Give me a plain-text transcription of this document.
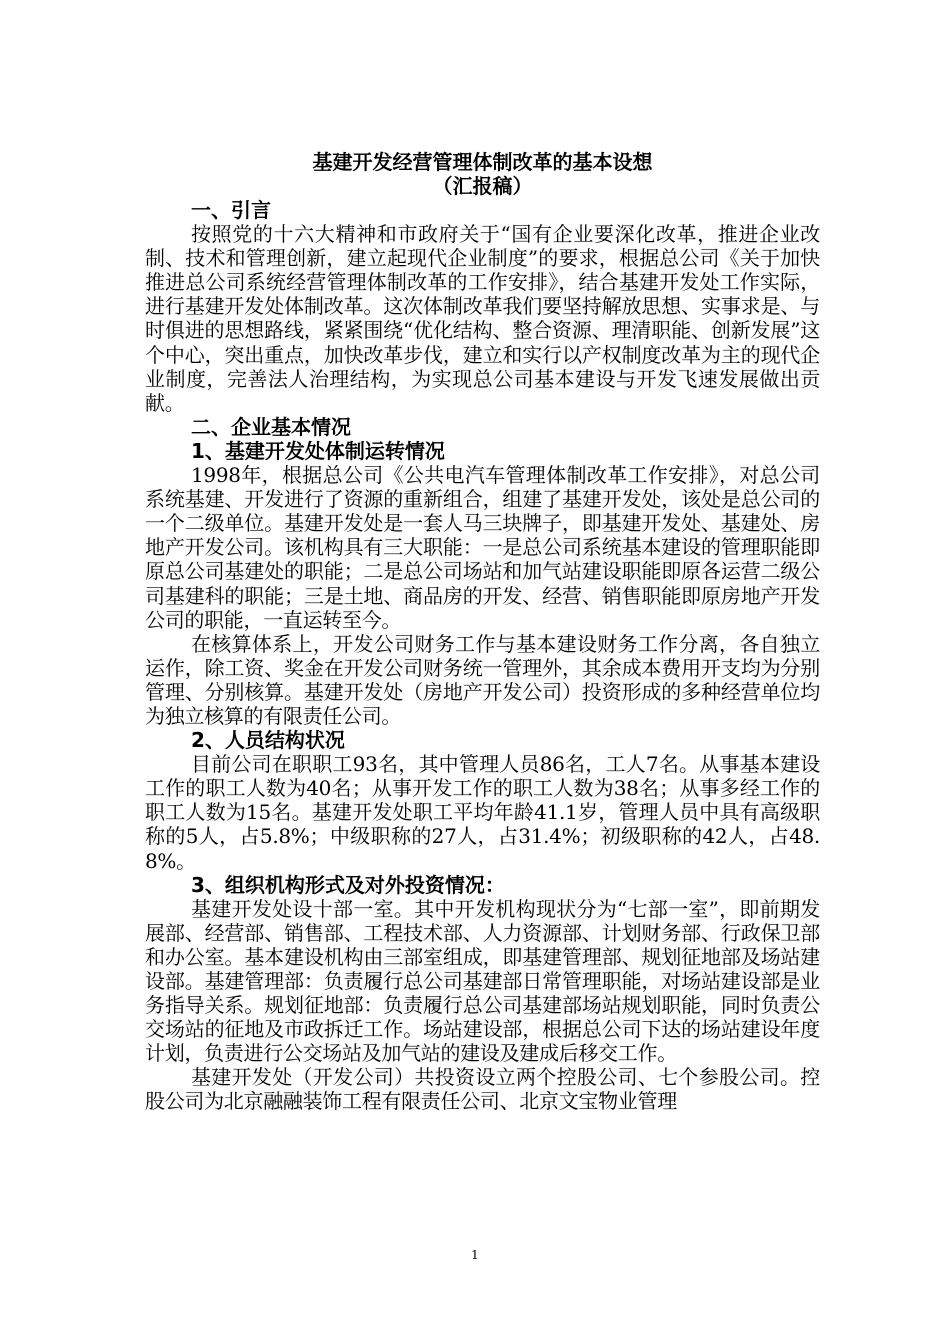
基建开发经营管理体制改革的基本设想

（汇报稿）

一、引言

按照党的十六大精神和市政府关于“国有企业要深化改革，推进企业改制、技术和管理创新，建立起现代企业制度”的要求，根据总公司《关于加快推进总公司系统经营管理体制改革的工作安排》，结合基建开发处工作实际，进行基建开发处体制改革。这次体制改革我们要坚持解放思想、实事求是、与时俱进的思想路线，紧紧围绕“优化结构、整合资源、理清职能、创新发展”这个中心，突出重点，加快改革步伐，建立和实行以产权制度改革为主的现代企业制度，完善法人治理结构，为实现总公司基本建设与开发飞速发展做出贡献。

二、企业基本情况

1、基建开发处体制运转情况

1998年，根据总公司《公共电汽车管理体制改革工作安排》，对总公司系统基建、开发进行了资源的重新组合，组建了基建开发处，该处是总公司的一个二级单位。基建开发处是一套人马三块牌子，即基建开发处、基建处、房地产开发公司。该机构具有三大职能：一是总公司系统基本建设的管理职能即原总公司基建处的职能；二是总公司场站和加气站建设职能即原各运营二级公司基建科的职能；三是土地、商品房的开发、经营、销售职能即原房地产开发公司的职能，一直运转至今。

在核算体系上，开发公司财务工作与基本建设财务工作分离，各自独立运作，除工资、奖金在开发公司财务统一管理外，其余成本费用开支均为分别管理、分别核算。基建开发处（房地产开发公司）投资形成的多种经营单位均为独立核算的有限责任公司。

2、人员结构状况

目前公司在职职工93名，其中管理人员86名，工人7名。从事基本建设工作的职工人数为40名；从事开发工作的职工人数为38名；从事多经工作的职工人数为15名。基建开发处职工平均年龄41.1岁，管理人员中具有高级职称的5人，占5.8%；中级职称的27人，占31.4%；初级职称的42人，占48.8%。

3、组织机构形式及对外投资情况：

基建开发处设十部一室。其中开发机构现状分为“七部一室”，即前期发展部、经营部、销售部、工程技术部、人力资源部、计划财务部、行政保卫部和办公室。基本建设机构由三部室组成，即基建管理部、规划征地部及场站建设部。基建管理部：负责履行总公司基建部日常管理职能，对场站建设部是业务指导关系。规划征地部：负责履行总公司基建部场站规划职能，同时负责公交场站的征地及市政拆迁工作。场站建设部，根据总公司下达的场站建设年度计划，负责进行公交场站及加气站的建设及建成后移交工作。

基建开发处（开发公司）共投资设立两个控股公司、七个参股公司。控股公司为北京融融装饰工程有限责任公司、北京文宝物业管理

1
